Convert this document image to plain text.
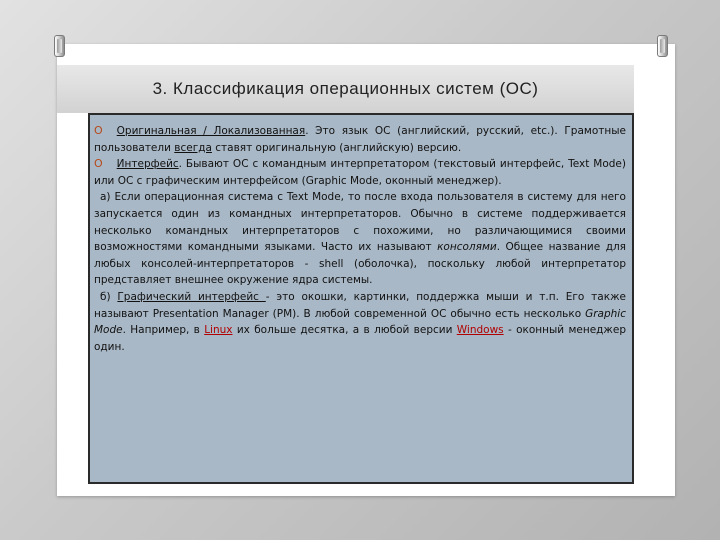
3. Классификация операционных систем (ОС)

O Оригинальная / Локализованная. Это язык ОС (английский, русский, etc.). Грамотные пользователи всегда ставят оригинальную (английскую) версию.

O Интерфейс. Бывают ОС с командным интерпретатором (текстовый интерфейс, Text Mode) или ОС с графическим интерфейсом (Graphic Mode, оконный менеджер).

а) Если операционная система с Text Mode, то после входа пользователя в систему для него запускается один из командных интерпретаторов. Обычно в системе поддерживается несколько командных интерпретаторов с похожими, но различающимися своими возможностями командными языками. Часто их называют консолями. Общее название для любых консолей-интерпретаторов - shell (оболочка), поскольку любой интерпретатор представляет внешнее окружение ядра системы.

б) Графический интерфейс - это окошки, картинки, поддержка мыши и т.п. Его также называют Presentation Manager (PM). В любой современной ОС обычно есть несколько Graphic Mode. Например, в Linux их больше десятка, а в любой версии Windows - оконный менеджер один.
